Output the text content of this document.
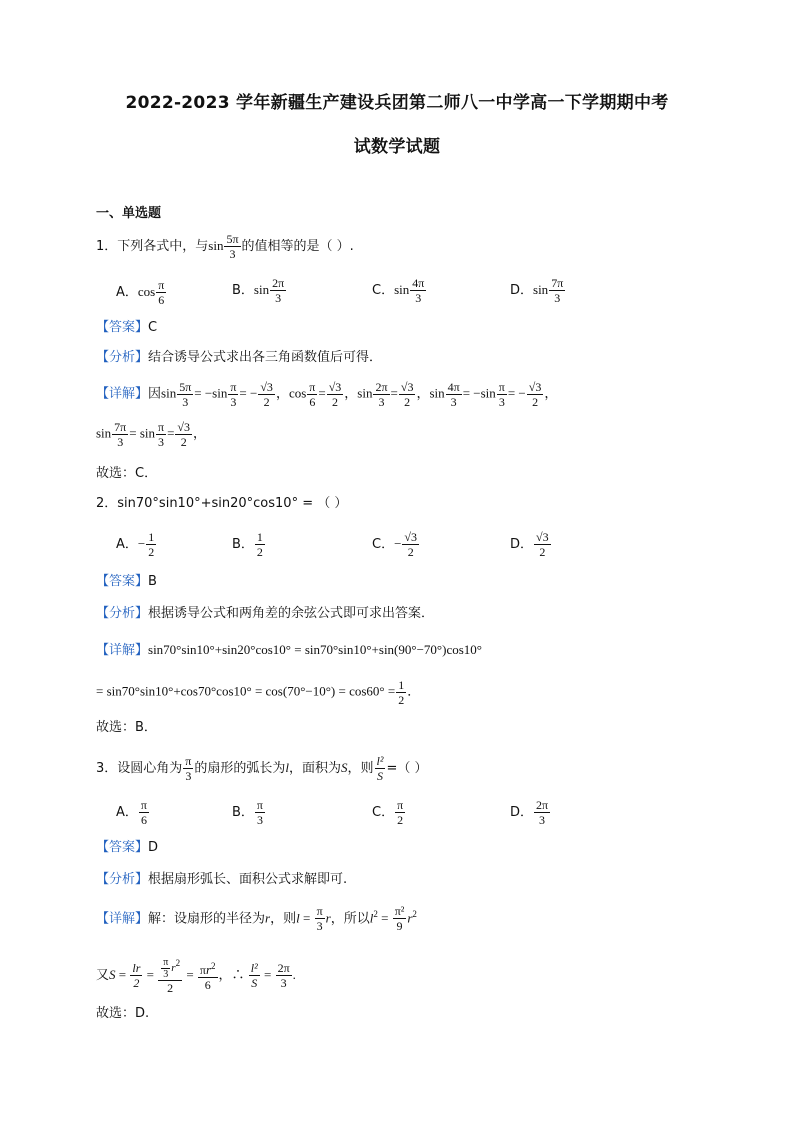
2022-2023 学年新疆生产建设兵团第二师八一中学高一下学期期中考
试数学试题
一、单选题
1．下列各式中，与$\sin \frac{5\pi}{3}$ 的值相等的是（ ）.
A．$\cos \frac{\pi}{6}$	B．$\sin \frac{2\pi}{3}$	C．$\sin \frac{4\pi}{3}$	D．$\sin \frac{7\pi}{3}$
【答案】C
【分析】结合诱导公式求出各三角函数值后可得．
【详解】因$\sin \frac{5\pi}{3} = -\sin \frac{\pi}{3}$ = − $\frac{√3}{2}$ ，$\cos \frac{\pi}{6} = \frac{√3}{2}$ ，$\sin \frac{2\pi}{3} = \frac{√3}{2}$ ，$\sin \frac{4\pi}{3} = -\sin \frac{\pi}{3}$ = − $\frac{√3}{2}$ ，
$\sin \frac{7\pi}{3} = \sin \frac{\pi}{3} = \frac{√3}{2}$ ，
故选：C．
2．sin70°sin10°+sin20°cos10° = （ ）
A．− $\frac{1}{2}$	B． $\frac{1}{2}$	C．− $\frac{√3}{2}$	D． $\frac{√3}{2}$
【答案】B
【分析】根据诱导公式和两角差的余弦公式即可求出答案．
【详解】sin70°sin10°+sin20°cos10° = sin70°sin10°+sin(90°−70°)cos10°
= $\sin 70^\circ\sin 10^\circ+\cos 70^\circ\cos 10^\circ = \cos(70^\circ-10^\circ) = \cos 60^\circ = \frac{1}{2}$ ．
故选：B．
3．设圆心角为 $\frac{\pi}{3}$ 的扇形的弧长为l，面积为S，则 $\frac{\text{l²}}{S}$ =（ ）
A． $\frac{\pi}{6}$	B． $\frac{\pi}{3}$	C． $\frac{\pi}{2}$	D． $\frac{2\pi}{3}$
【答案】D
【分析】根据扇形弧长、面积公式求解即可.
【详解】解：设扇形的半径为r，则$l = \frac{\pi}{3}$ r，所以$l^2 = \frac{\text{π²}}{9} r^2$
又$S = \frac{lr}{2} = \frac{\frac{\pi}{3} r^2}{2} = \frac{\pi r^2}{6}$ ，∴ $\frac{\text{l²}}{S} = \frac{2\pi}{3}$ .
故选：D.
